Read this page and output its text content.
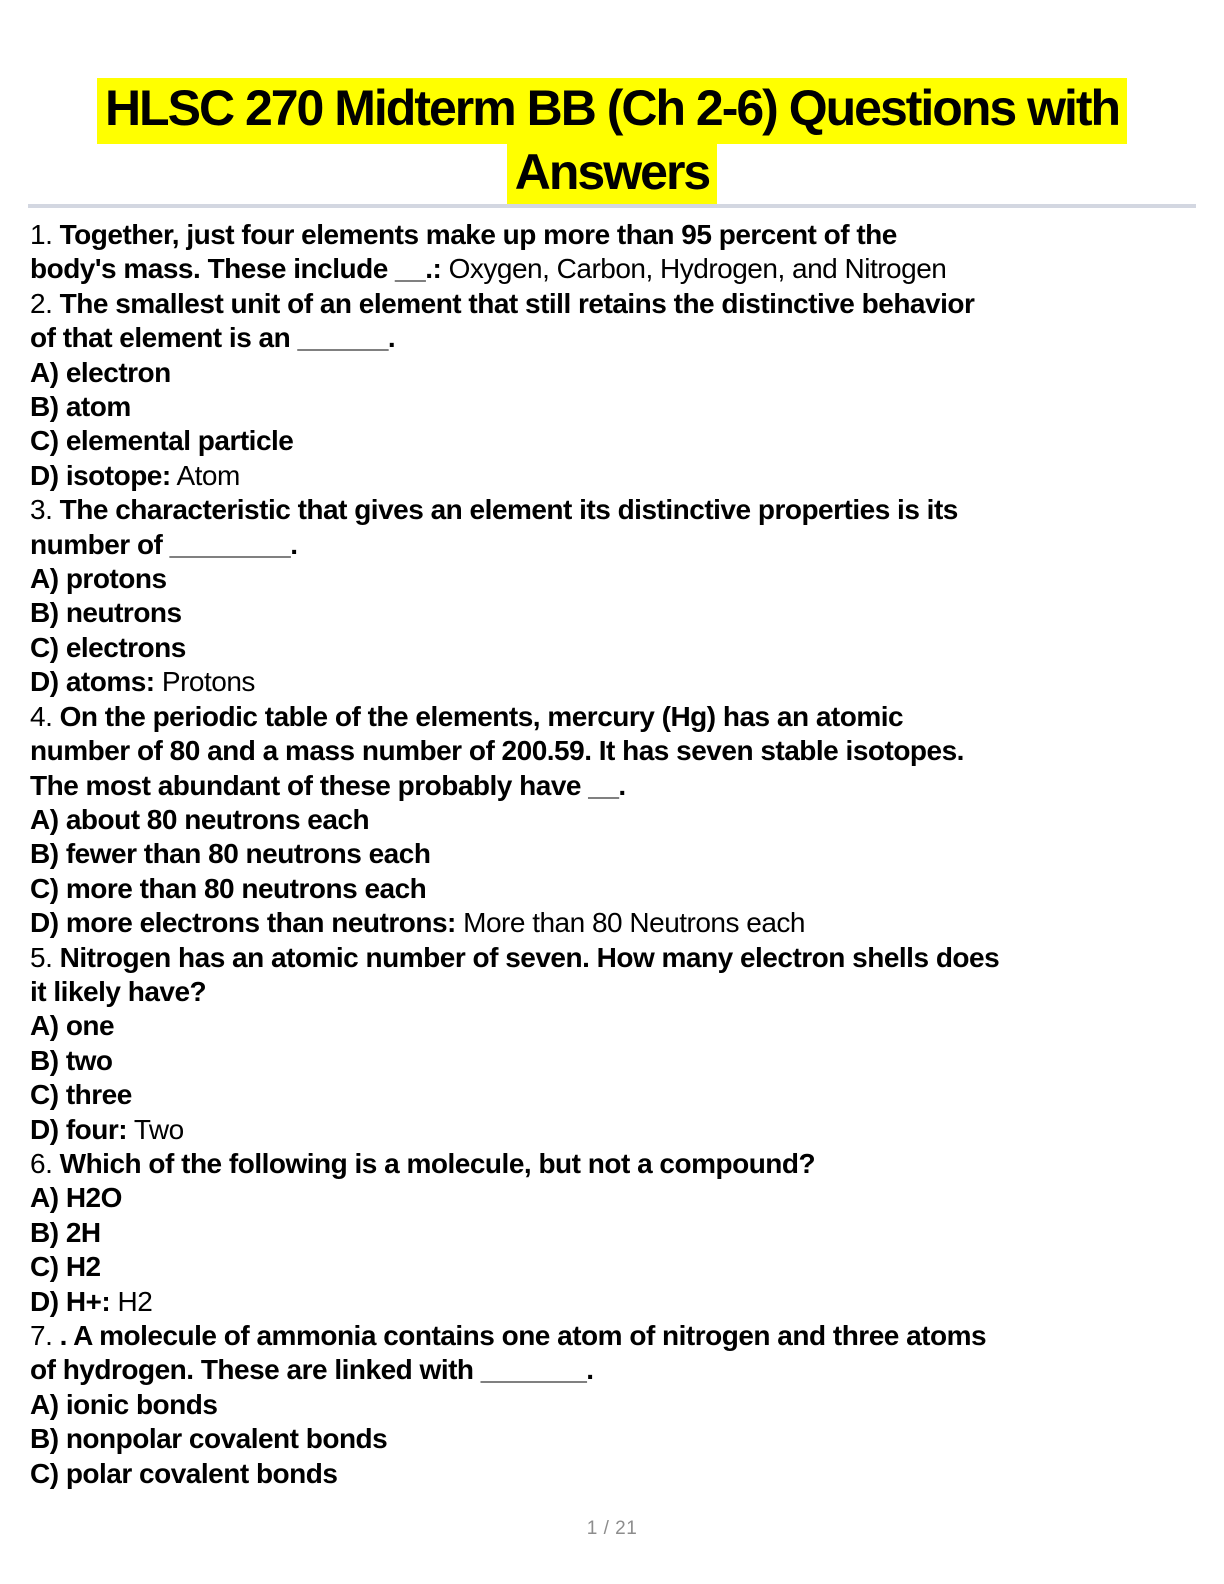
HLSC 270 Midterm BB (Ch 2-6) Questions with
Answers
1. Together, just four elements make up more than 95 percent of the
body's mass. These include __.: Oxygen, Carbon, Hydrogen, and Nitrogen
2. The smallest unit of an element that still retains the distinctive behavior
of that element is an ______.
A) electron
B) atom
C) elemental particle
D) isotope: Atom
3. The characteristic that gives an element its distinctive properties is its
number of ________.
A) protons
B) neutrons
C) electrons
D) atoms: Protons
4. On the periodic table of the elements, mercury (Hg) has an atomic
number of 80 and a mass number of 200.59. It has seven stable isotopes.
The most abundant of these probably have __.
A) about 80 neutrons each
B) fewer than 80 neutrons each
C) more than 80 neutrons each
D) more electrons than neutrons: More than 80 Neutrons each
5. Nitrogen has an atomic number of seven. How many electron shells does
it likely have?
A) one
B) two
C) three
D) four: Two
6. Which of the following is a molecule, but not a compound?
A) H2O
B) 2H
C) H2
D) H+: H2
7. . A molecule of ammonia contains one atom of nitrogen and three atoms
of hydrogen. These are linked with _______.
A) ionic bonds
B) nonpolar covalent bonds
C) polar covalent bonds
1 / 21
